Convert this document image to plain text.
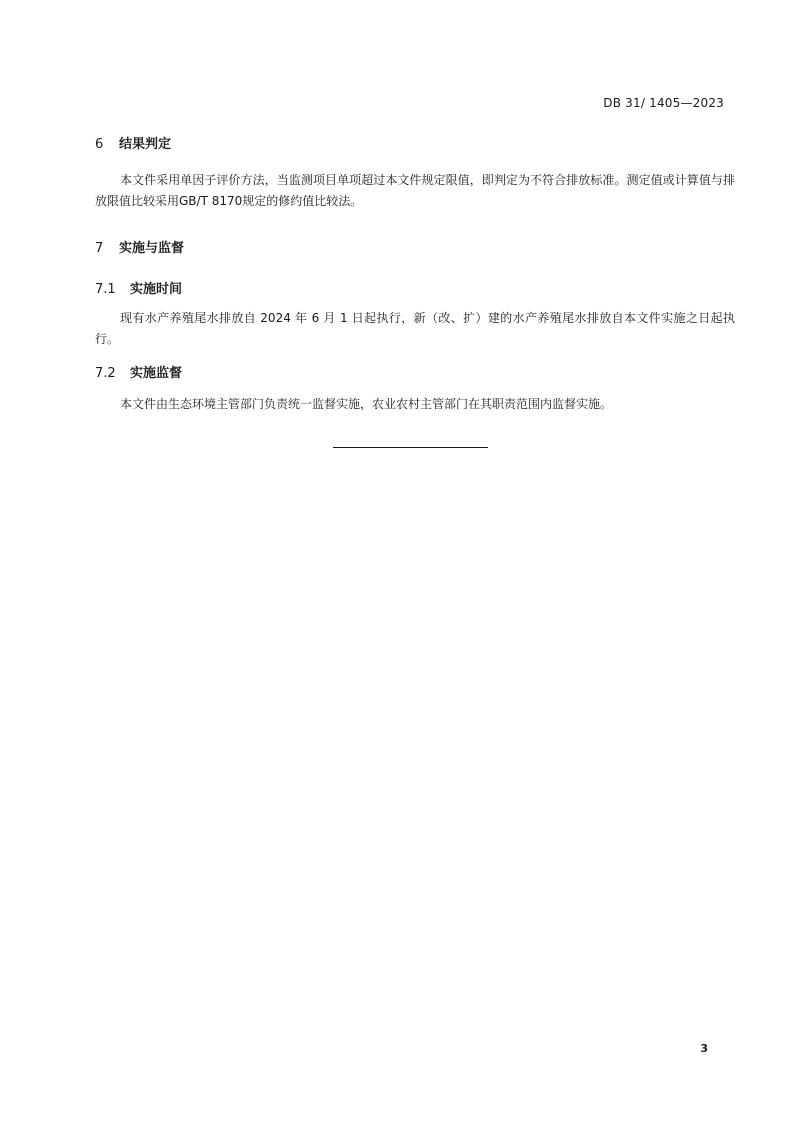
DB 31/ 1405—2023
6 结果判定
本文件采用单因子评价方法，当监测项目单项超过本文件规定限值，即判定为不符合排放标准。测定值或计算值与排放限值比较采用GB/T 8170规定的修约值比较法。
7 实施与监督
7.1 实施时间
现有水产养殖尾水排放自 2024 年 6 月 1 日起执行，新（改、扩）建的水产养殖尾水排放自本文件实施之日起执行。
7.2 实施监督
本文件由生态环境主管部门负责统一监督实施，农业农村主管部门在其职责范围内监督实施。
3
